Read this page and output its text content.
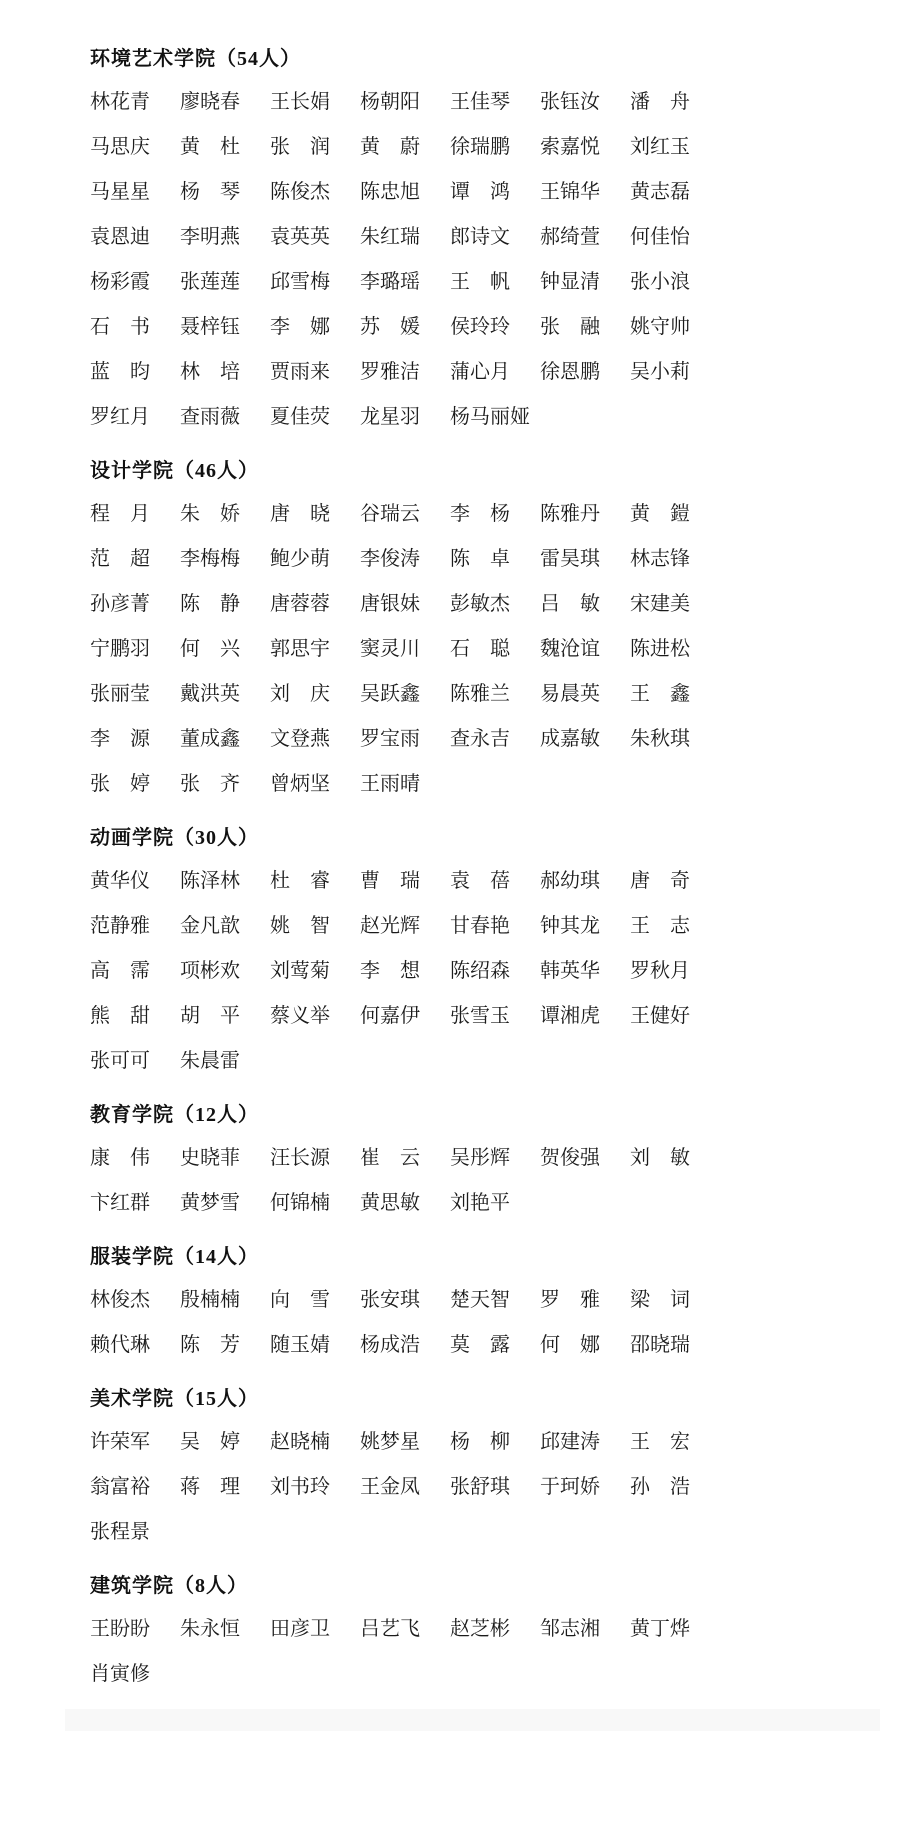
环境艺术学院（54人）
林花青	廖晓春	王长娟	杨朝阳	王佳琴	张钰汝	潘舟
马思庆	黄杜	张润	黄蔚	徐瑞鹏	索嘉悦	刘红玉
马星星	杨琴	陈俊杰	陈忠旭	谭鸿	王锦华	黄志磊
袁恩迪	李明燕	袁英英	朱红瑞	郎诗文	郝绮萱	何佳怡
杨彩霞	张莲莲	邱雪梅	李璐瑶	王帆	钟显清	张小浪
石书	聂梓钰	李娜	苏媛	侯玲玲	张融	姚守帅
蓝昀	林培	贾雨来	罗雅洁	蒲心月	徐恩鹏	吴小莉
罗红月	查雨薇	夏佳荧	龙星羽	杨马丽娅
设计学院（46人）
程月	朱娇	唐晓	谷瑞云	李杨	陈雅丹	黄鎧
范超	李梅梅	鲍少萌	李俊涛	陈卓	雷昊琪	林志锋
孙彦菁	陈静	唐蓉蓉	唐银妹	彭敏杰	吕敏	宋建美
宁鹏羽	何兴	郭思宇	窦灵川	石聪	魏沧谊	陈进松
张丽莹	戴洪英	刘庆	吴跃鑫	陈雅兰	易晨英	王鑫
李源	董成鑫	文登燕	罗宝雨	查永吉	成嘉敏	朱秋琪
张婷	张齐	曾炳坚	王雨晴
动画学院（30人）
黄华仪	陈泽林	杜睿	曹瑞	袁蓓	郝幼琪	唐奇
范静雅	金凡歆	姚智	赵光辉	甘春艳	钟其龙	王志
高霈	项彬欢	刘莺菊	李想	陈绍森	韩英华	罗秋月
熊甜	胡平	蔡义举	何嘉伊	张雪玉	谭湘虎	王健好
张可可	朱晨雷
教育学院（12人）
康伟	史晓菲	汪长源	崔云	吴彤辉	贺俊强	刘敏
卞红群	黄梦雪	何锦楠	黄思敏	刘艳平
服装学院（14人）
林俊杰	殷楠楠	向雪	张安琪	楚天智	罗雅	梁词
赖代琳	陈芳	随玉婧	杨成浩	莫露	何娜	邵晓瑞
美术学院（15人）
许荣军	吴婷	赵晓楠	姚梦星	杨柳	邱建涛	王宏
翁富裕	蒋理	刘书玲	王金凤	张舒琪	于珂娇	孙浩
张程景
建筑学院（8人）
王盼盼	朱永恒	田彦卫	吕艺飞	赵芝彬	邹志湘	黄丁烨
肖寅修
